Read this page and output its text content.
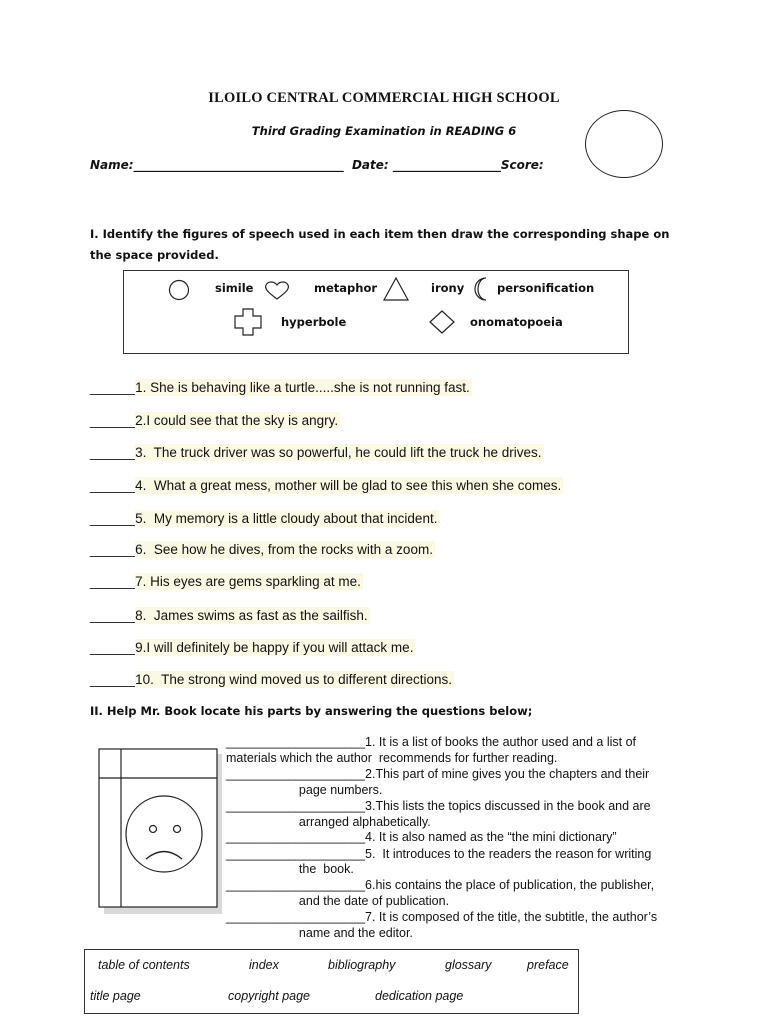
ILOILO CENTRAL COMMERCIAL HIGH SCHOOL
Third Grading Examination in READING 6
Name:___________________________________ Date: __________________Score:
I. Identify the figures of speech used in each item then draw the corresponding shape on the space provided.
simile	metaphor	irony	personification
hyperbole	onomatopoeia
______1. She is behaving like a turtle.....she is not running fast.
______2.I could see that the sky is angry.
______3.  The truck driver was so powerful, he could lift the truck he drives.
______4.  What a great mess, mother will be glad to see this when she comes.
______5.  My memory is a little cloudy about that incident.
______6.  See how he dives, from the rocks with a zoom.
______7. His eyes are gems sparkling at me.
______8.  James swims as fast as the sailfish.
______9.I will definitely be happy if you will attack me.
______10.  The strong wind moved us to different directions.
II. Help Mr. Book locate his parts by answering the questions below;
____________________1. It is a list of books the author used and a list of
materials which the author  recommends for further reading.
____________________2.This part of mine gives you the chapters and their
page numbers.
____________________3.This lists the topics discussed in the book and are
arranged alphabetically.
____________________4. It is also named as the “the mini dictionary”
____________________5.  It introduces to the readers the reason for writing
the  book.
____________________6.his contains the place of publication, the publisher,
and the date of publication.
____________________7. It is composed of the title, the subtitle, the author’s
name and the editor.
table of contents	index	bibliography	glossary	preface
title page	copyright page	dedication page
